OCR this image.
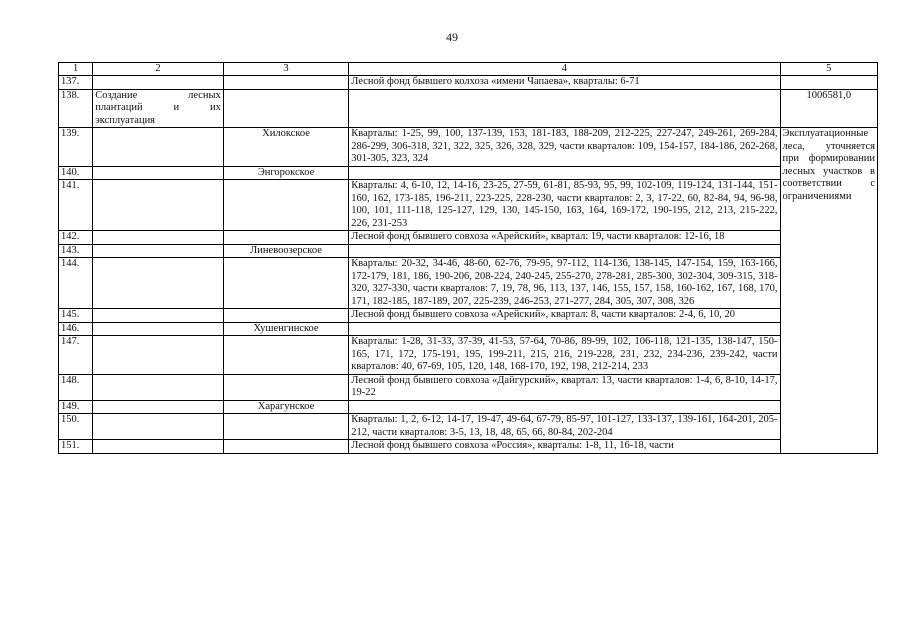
49
1	2	3	4	5
137.			Лесной фонд бывшего колхоза «имени Чапаева», кварталы: 6-71	
138.	Создание лесных плантаций и их эксплуатация			1006581,0
139.		Хилокское	Кварталы: 1-25, 99, 100, 137-139, 153, 181-183, 188-209, 212-225, 227-247, 249-261, 269-284, 286-299, 306-318, 321, 322, 325, 326, 328, 329, части кварталов: 109, 154-157, 184-186, 262-268, 301-305, 323, 324	Эксплуатационные леса, уточняется при формировании лесных участков в соответствии с ограничениями
140.		Энгорокское		
141.			Кварталы: 4, 6-10, 12, 14-16, 23-25, 27-59, 61-81, 85-93, 95, 99, 102-109, 119-124, 131-144, 151-160, 162, 173-185, 196-211, 223-225, 228-230, части кварталов: 2, 3, 17-22, 60, 82-84, 94, 96-98, 100, 101, 111-118, 125-127, 129, 130, 145-150, 163, 164, 169-172, 190-195, 212, 213, 215-222, 226, 231-253	
142.			Лесной фонд бывшего совхоза «Арейский», квартал: 19, части кварталов: 12-16, 18	
143.		Линевоозерское		
144.			Кварталы: 20-32, 34-46, 48-60, 62-76, 79-95, 97-112, 114-136, 138-145, 147-154, 159, 163-166, 172-179, 181, 186, 190-206, 208-224, 240-245, 255-270, 278-281, 285-300, 302-304, 309-315, 318-320, 327-330, части кварталов: 7, 19, 78, 96, 113, 137, 146, 155, 157, 158, 160-162, 167, 168, 170, 171, 182-185, 187-189, 207, 225-239, 246-253, 271-277, 284, 305, 307, 308, 326	
145.			Лесной фонд бывшего совхоза «Арейский», квартал: 8, части кварталов: 2-4, 6, 10, 20	
146.		Хушенгинское		
147.			Кварталы: 1-28, 31-33, 37-39, 41-53, 57-64, 70-86, 89-99, 102, 106-118, 121-135, 138-147, 150-165, 171, 172, 175-191, 195, 199-211, 215, 216, 219-228, 231, 232, 234-236, 239-242, части кварталов: 40, 67-69, 105, 120, 148, 168-170, 192, 198, 212-214, 233	
148.			Лесной фонд бывшего совхоза «Дайгурский», квартал: 13, части кварталов: 1-4, 6, 8-10, 14-17, 19-22	
149.		Харагунское		
150.			Кварталы: 1, 2, 6-12, 14-17, 19-47, 49-64, 67-79, 85-97, 101-127, 133-137, 139-161, 164-201, 205-212, части кварталов: 3-5, 13, 18, 48, 65, 66, 80-84, 202-204	
151.			Лесной фонд бывшего совхоза «Россия», кварталы: 1-8, 11, 16-18, части	
